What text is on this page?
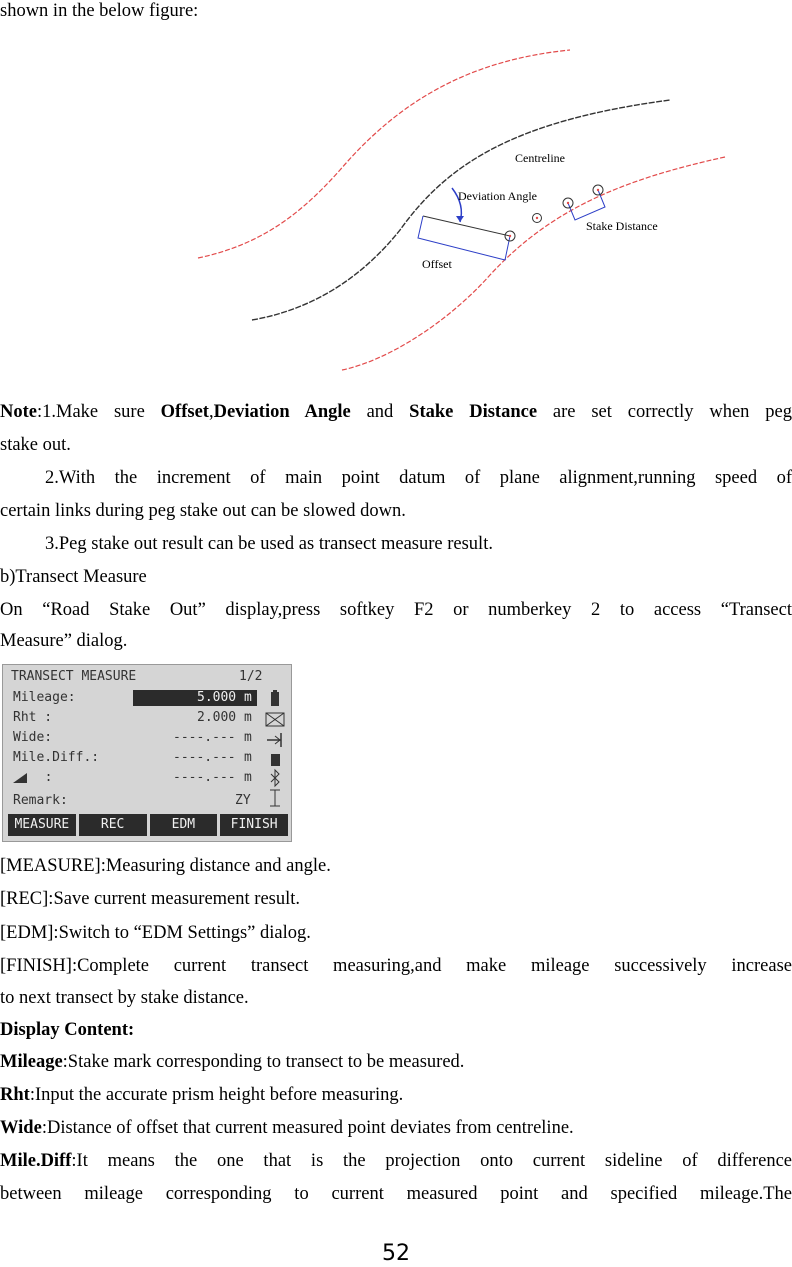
shown in the below figure:
Centreline
Deviation Angle
Stake Distance
Offset
Note:1.Make sure Offset,Deviation Angle and Stake Distance are set correctly when peg
stake out.
2.With the increment of main point datum of plane alignment,running speed of
certain links during peg stake out can be slowed down.
3.Peg stake out result can be used as transect measure result.
b)Transect Measure
On “Road Stake Out” display,press softkey F2 or numberkey 2 to access “Transect
Measure” dialog.
TRANSECT MEASURE	1/2
Mileage:	5.000 m
Rht :	2.000 m
Wide:	----.--- m
Mile.Diff.:	----.--- m
:	----.--- m
Remark:	ZY
MEASURE	REC	EDM	FINISH
[MEASURE]:Measuring distance and angle.
[REC]:Save current measurement result.
[EDM]:Switch to “EDM Settings” dialog.
[FINISH]:Complete current transect measuring,and make mileage successively increase
to next transect by stake distance.
Display Content:
Mileage:Stake mark corresponding to transect to be measured.
Rht:Input the accurate prism height before measuring.
Wide:Distance of offset that current measured point deviates from centreline.
Mile.Diff:It means the one that is the projection onto current sideline of difference
between mileage corresponding to current measured point and specified mileage.The
52
